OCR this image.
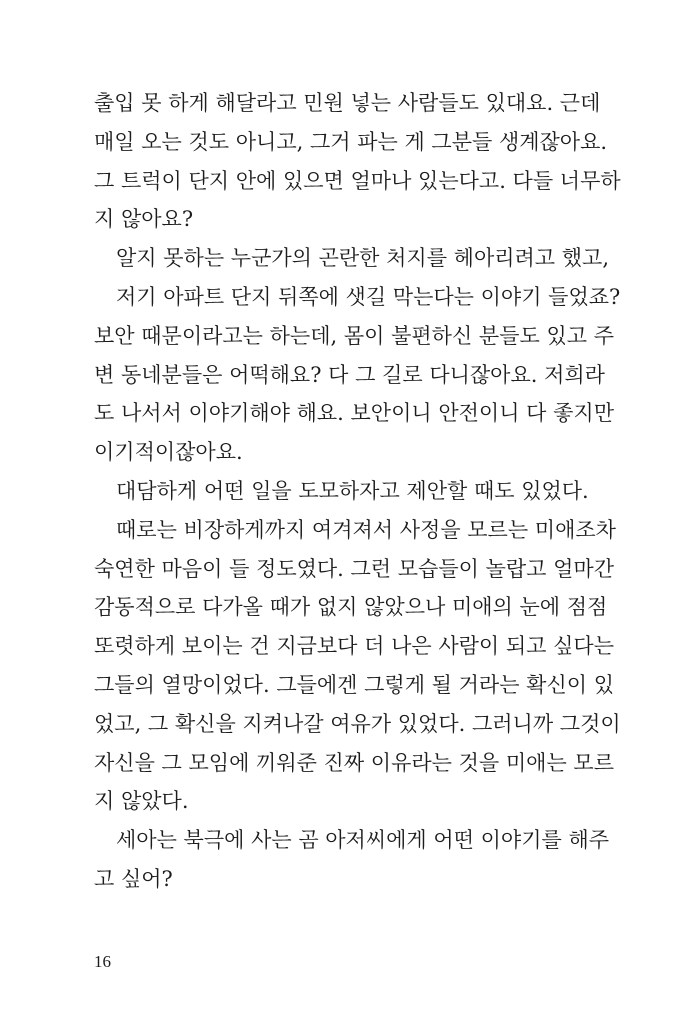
출입 못 하게 해달라고 민원 넣는 사람들도 있대요. 근데
매일 오는 것도 아니고, 그거 파는 게 그분들 생계잖아요.
그 트럭이 단지 안에 있으면 얼마나 있는다고. 다들 너무하
지 않아요?
알지 못하는 누군가의 곤란한 처지를 헤아리려고 했고,
저기 아파트 단지 뒤쪽에 샛길 막는다는 이야기 들었죠?
보안 때문이라고는 하는데, 몸이 불편하신 분들도 있고 주
변 동네분들은 어떡해요? 다 그 길로 다니잖아요. 저희라
도 나서서 이야기해야 해요. 보안이니 안전이니 다 좋지만
이기적이잖아요.
대담하게 어떤 일을 도모하자고 제안할 때도 있었다.
때로는 비장하게까지 여겨져서 사정을 모르는 미애조차
숙연한 마음이 들 정도였다. 그런 모습들이 놀랍고 얼마간
감동적으로 다가올 때가 없지 않았으나 미애의 눈에 점점
또렷하게 보이는 건 지금보다 더 나은 사람이 되고 싶다는
그들의 열망이었다. 그들에겐 그렇게 될 거라는 확신이 있
었고, 그 확신을 지켜나갈 여유가 있었다. 그러니까 그것이
자신을 그 모임에 끼워준 진짜 이유라는 것을 미애는 모르
지 않았다.
세아는 북극에 사는 곰 아저씨에게 어떤 이야기를 해주
고 싶어?
16
